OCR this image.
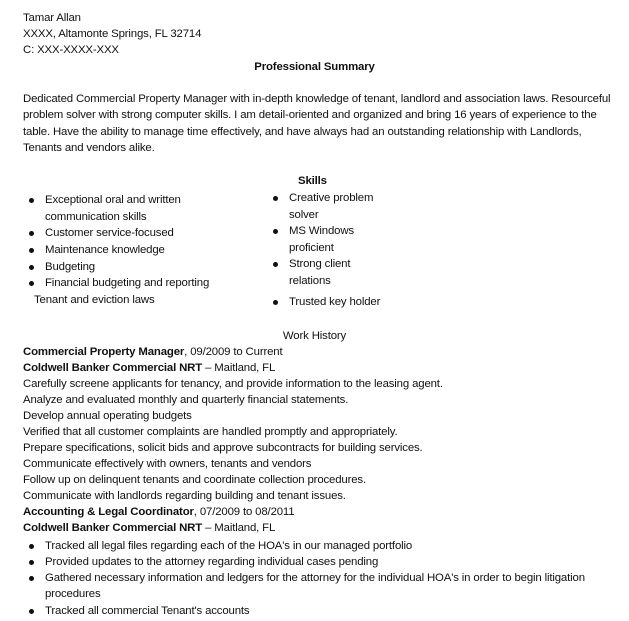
Tamar Allan
XXXX, Altamonte Springs, FL 32714
C: XXX-XXXX-XXX
Professional Summary
Dedicated Commercial Property Manager with in-depth knowledge of tenant, landlord and association laws. Resourceful problem solver with strong computer skills. I am detail-oriented and organized and bring 16 years of experience to the table. Have the ability to manage time effectively, and have always had an outstanding relationship with Landlords, Tenants and vendors alike.
Skills
Exceptional oral and written communication skills
Customer service-focused
Maintenance knowledge
Budgeting
Financial budgeting and reporting
Tenant and eviction laws
Creative problem solver
MS Windows proficient
Strong client relations
Trusted key holder
Work History
Commercial Property Manager, 09/2009 to Current
Coldwell Banker Commercial NRT – Maitland, FL
Carefully screene applicants for tenancy, and provide information to the leasing agent.
Analyze and evaluated monthly and quarterly financial statements.
Develop annual operating budgets
Verified that all customer complaints are handled promptly and appropriately.
Prepare specifications, solicit bids and approve subcontracts for building services.
Communicate effectively with owners, tenants and vendors
Follow up on delinquent tenants and coordinate collection procedures.
Communicate with landlords regarding building and tenant issues.
Accounting & Legal Coordinator, 07/2009 to 08/2011
Coldwell Banker Commercial NRT – Maitland, FL
Tracked all legal files regarding each of the HOA's in our managed portfolio
Provided updates to the attorney regarding individual cases pending
Gathered necessary information and ledgers for the attorney for the individual HOA's in order to begin litigation procedures
Tracked all commercial Tenant's accounts
